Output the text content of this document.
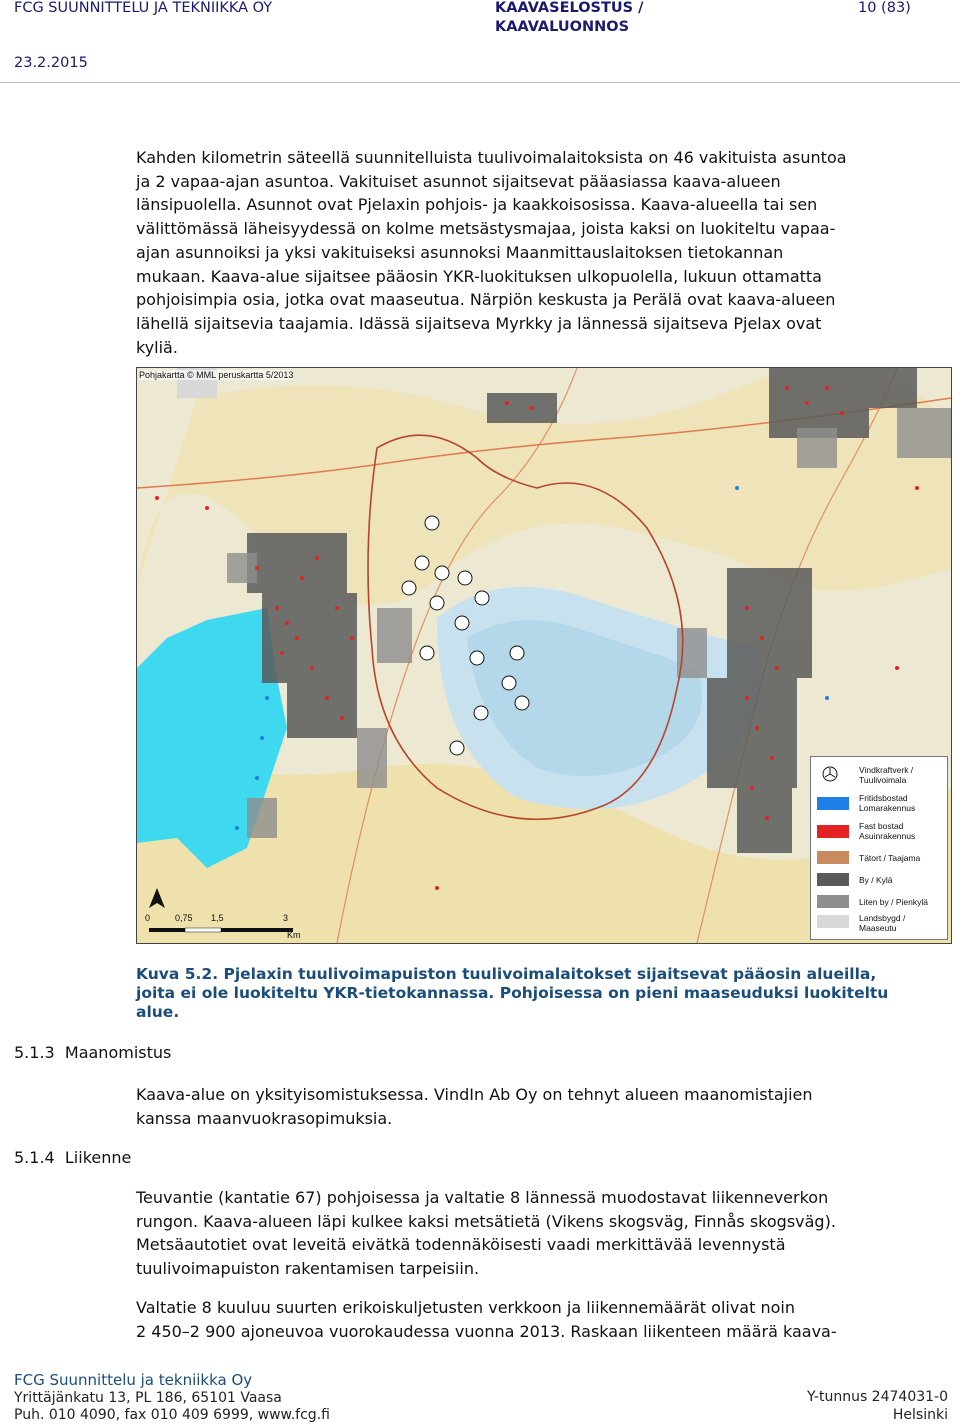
FCG SUUNNITTELU JA TEKNIIKKA OY	KAAVASELOSTUS /
KAAVALUONNOS
10 (83)
23.2.2015
Kahden kilometrin säteellä suunnitelluista tuulivoimalaitoksista on 46 vakituista asuntoa
ja 2 vapaa-ajan asuntoa. Vakituiset asunnot sijaitsevat pääasiassa kaava-alueen
länsipuolella. Asunnot ovat Pjelaxin pohjois- ja kaakkoisosissa. Kaava-alueella tai sen
välittömässä läheisyydessä on kolme metsästysmajaa, joista kaksi on luokiteltu vapaa-
ajan asunnoiksi ja yksi vakituiseksi asunnoksi Maanmittauslaitoksen tietokannan
mukaan. Kaava-alue sijaitsee pääosin YKR-luokituksen ulkopuolella, lukuun ottamatta
pohjoisimpia osia, jotka ovat maaseutua. Närpiön keskusta ja Perälä ovat kaava-alueen
lähellä sijaitsevia taajamia. Idässä sijaitseva Myrkky ja lännessä sijaitseva Pjelax ovat
kyliä.
Pohjakartta © MML peruskartta 5/2013
0	0,75 1,5	3
Km
Vindkraftverk /
Tuulivoimala
Fritidsbostad
Lomarakennus
Fast bostad
Asuinrakennus
Tätort / Taajama
By / Kylä
Liten by / Pienkylä
Landsbygd /
Maaseutu
Kuva 5.2. Pjelaxin tuulivoimapuiston tuulivoimalaitokset sijaitsevat pääosin alueilla,
joita ei ole luokiteltu YKR-tietokannassa. Pohjoisessa on pieni maaseuduksi luokiteltu
alue.
5.1.3  Maanomistus
Kaava-alue on yksityisomistuksessa. VindIn Ab Oy on tehnyt alueen maanomistajien
kanssa maanvuokrasopimuksia.
5.1.4  Liikenne
Teuvantie (kantatie 67) pohjoisessa ja valtatie 8 lännessä muodostavat liikenneverkon
rungon. Kaava-alueen läpi kulkee kaksi metsätietä (Vikens skogsväg, Finnås skogsväg).
Metsäautotiet ovat leveitä eivätkä todennäköisesti vaadi merkittävää levennystä
tuulivoimapuiston rakentamisen tarpeisiin.
Valtatie 8 kuuluu suurten erikoiskuljetusten verkkoon ja liikennemäärät olivat noin
2 450–2 900 ajoneuvoa vuorokaudessa vuonna 2013. Raskaan liikenteen määrä kaava-
FCG Suunnittelu ja tekniikka Oy
Yrittäjänkatu 13, PL 186, 65101 Vaasa
Puh. 010 4090, fax 010 409 6999, www.fcg.fi
Y-tunnus 2474031-0
Helsinki
